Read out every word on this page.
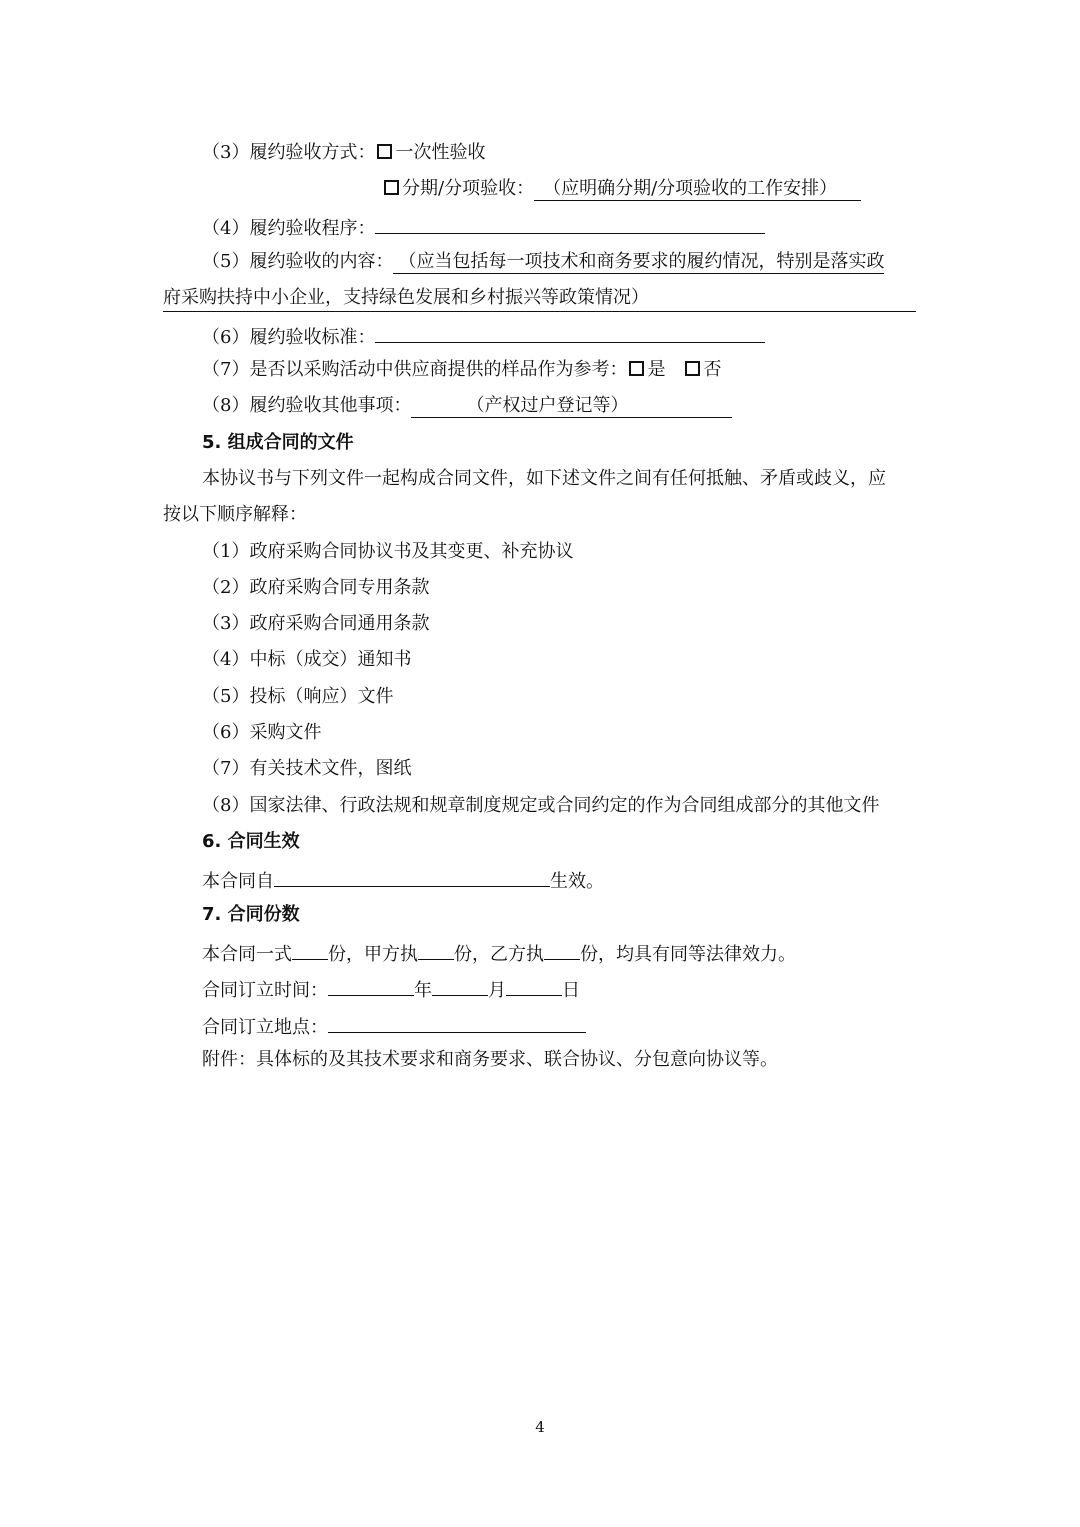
（3）履约验收方式： 一次性验收
分期/分项验收： （应明确分期/分项验收的工作安排）
（4）履约验收程序：
（5）履约验收的内容： （应当包括每一项技术和商务要求的履约情况，特别是落实政
府采购扶持中小企业，支持绿色发展和乡村振兴等政策情况）
（6）履约验收标准：
（7）是否以采购活动中供应商提供的样品作为参考： 是 否
（8）履约验收其他事项：	（产权过户登记等）
5. 组成合同的文件
本协议书与下列文件一起构成合同文件，如下述文件之间有任何抵触、矛盾或歧义，应
按以下顺序解释：
（1）政府采购合同协议书及其变更、补充协议
（2）政府采购合同专用条款
（3）政府采购合同通用条款
（4）中标（成交）通知书
（5）投标（响应）文件
（6）采购文件
（7）有关技术文件，图纸
（8）国家法律、行政法规和规章制度规定或合同约定的作为合同组成部分的其他文件
6. 合同生效
本合同自	生效。
7. 合同份数
本合同一式 份，甲方执 份，乙方执 份，均具有同等法律效力。
合同订立时间：	年	月	日
合同订立地点：
附件：具体标的及其技术要求和商务要求、联合协议、分包意向协议等。
4
